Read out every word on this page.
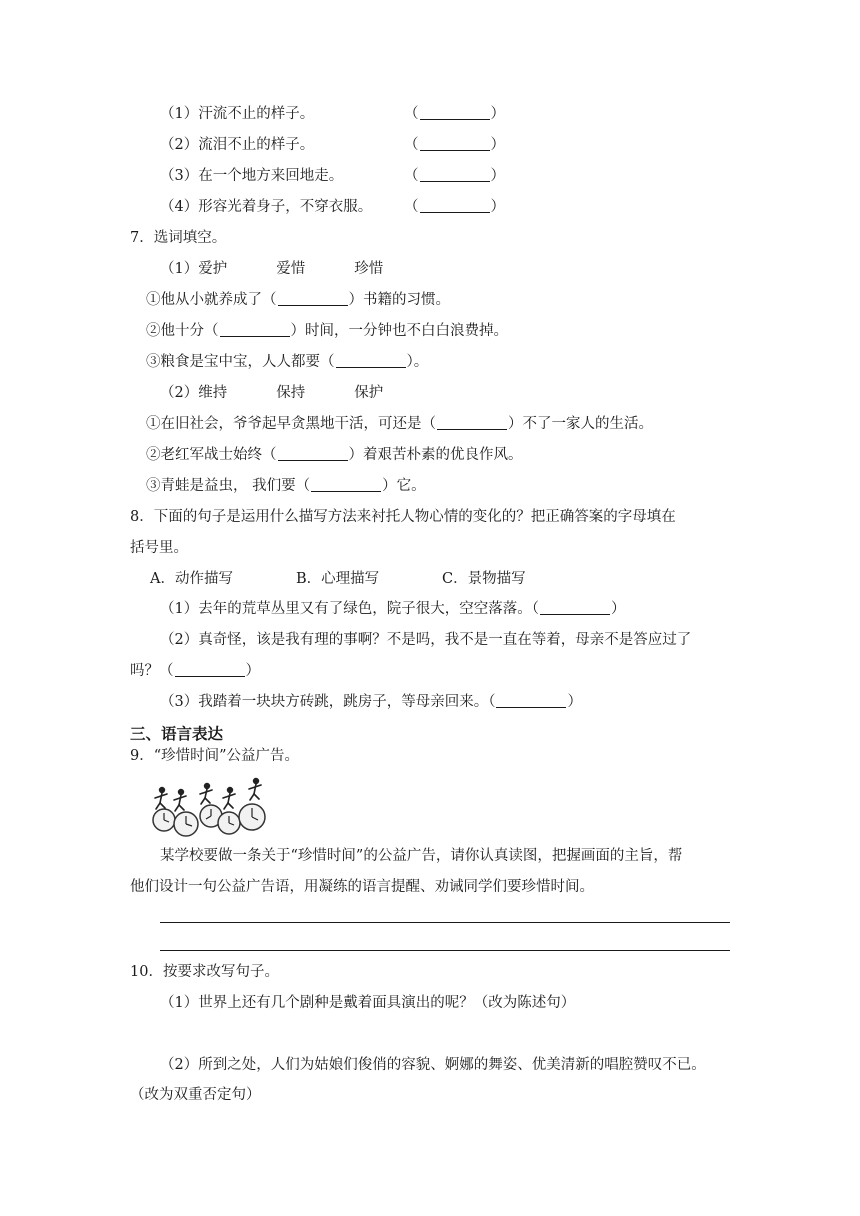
（1）汗流不止的样子。	（	）
（2）流泪不止的样子。	（	）
（3）在一个地方来回地走。	（	）
（4）形容光着身子，不穿衣服。 （	）
7．选词填空。
（1）爱护	爱惜	珍惜
①他从小就养成了（	）书籍的习惯。
②他十分（	）时间，一分钟也不白白浪费掉。
③粮食是宝中宝，人人都要（	）。
（2）维持	保持	保护
①在旧社会，爷爷起早贪黑地干活，可还是（	）不了一家人的生活。
②老红军战士始终（	）着艰苦朴素的优良作风。
③青蛙是益虫， 我们要（	）它。
8．下面的句子是运用什么描写方法来衬托人物心情的变化的？把正确答案的字母填在
括号里。
A．动作描写	B．心理描写	C．景物描写
（1）去年的荒草丛里又有了绿色，院子很大，空空落落。（	）
（2）真奇怪，该是我有理的事啊？不是吗，我不是一直在等着，母亲不是答应过了
吗？（	）
（3）我踏着一块块方砖跳，跳房子，等母亲回来。（	）
三、语言表达
9．“珍惜时间”公益广告。
某学校要做一条关于“珍惜时间”的公益广告，请你认真读图，把握画面的主旨，帮
他们设计一句公益广告语，用凝练的语言提醒、劝诫同学们要珍惜时间。
10．按要求改写句子。
（1）世界上还有几个剧种是戴着面具演出的呢？（改为陈述句）
（2）所到之处，人们为姑娘们俊俏的容貌、婀娜的舞姿、优美清新的唱腔赞叹不已。
（改为双重否定句）
